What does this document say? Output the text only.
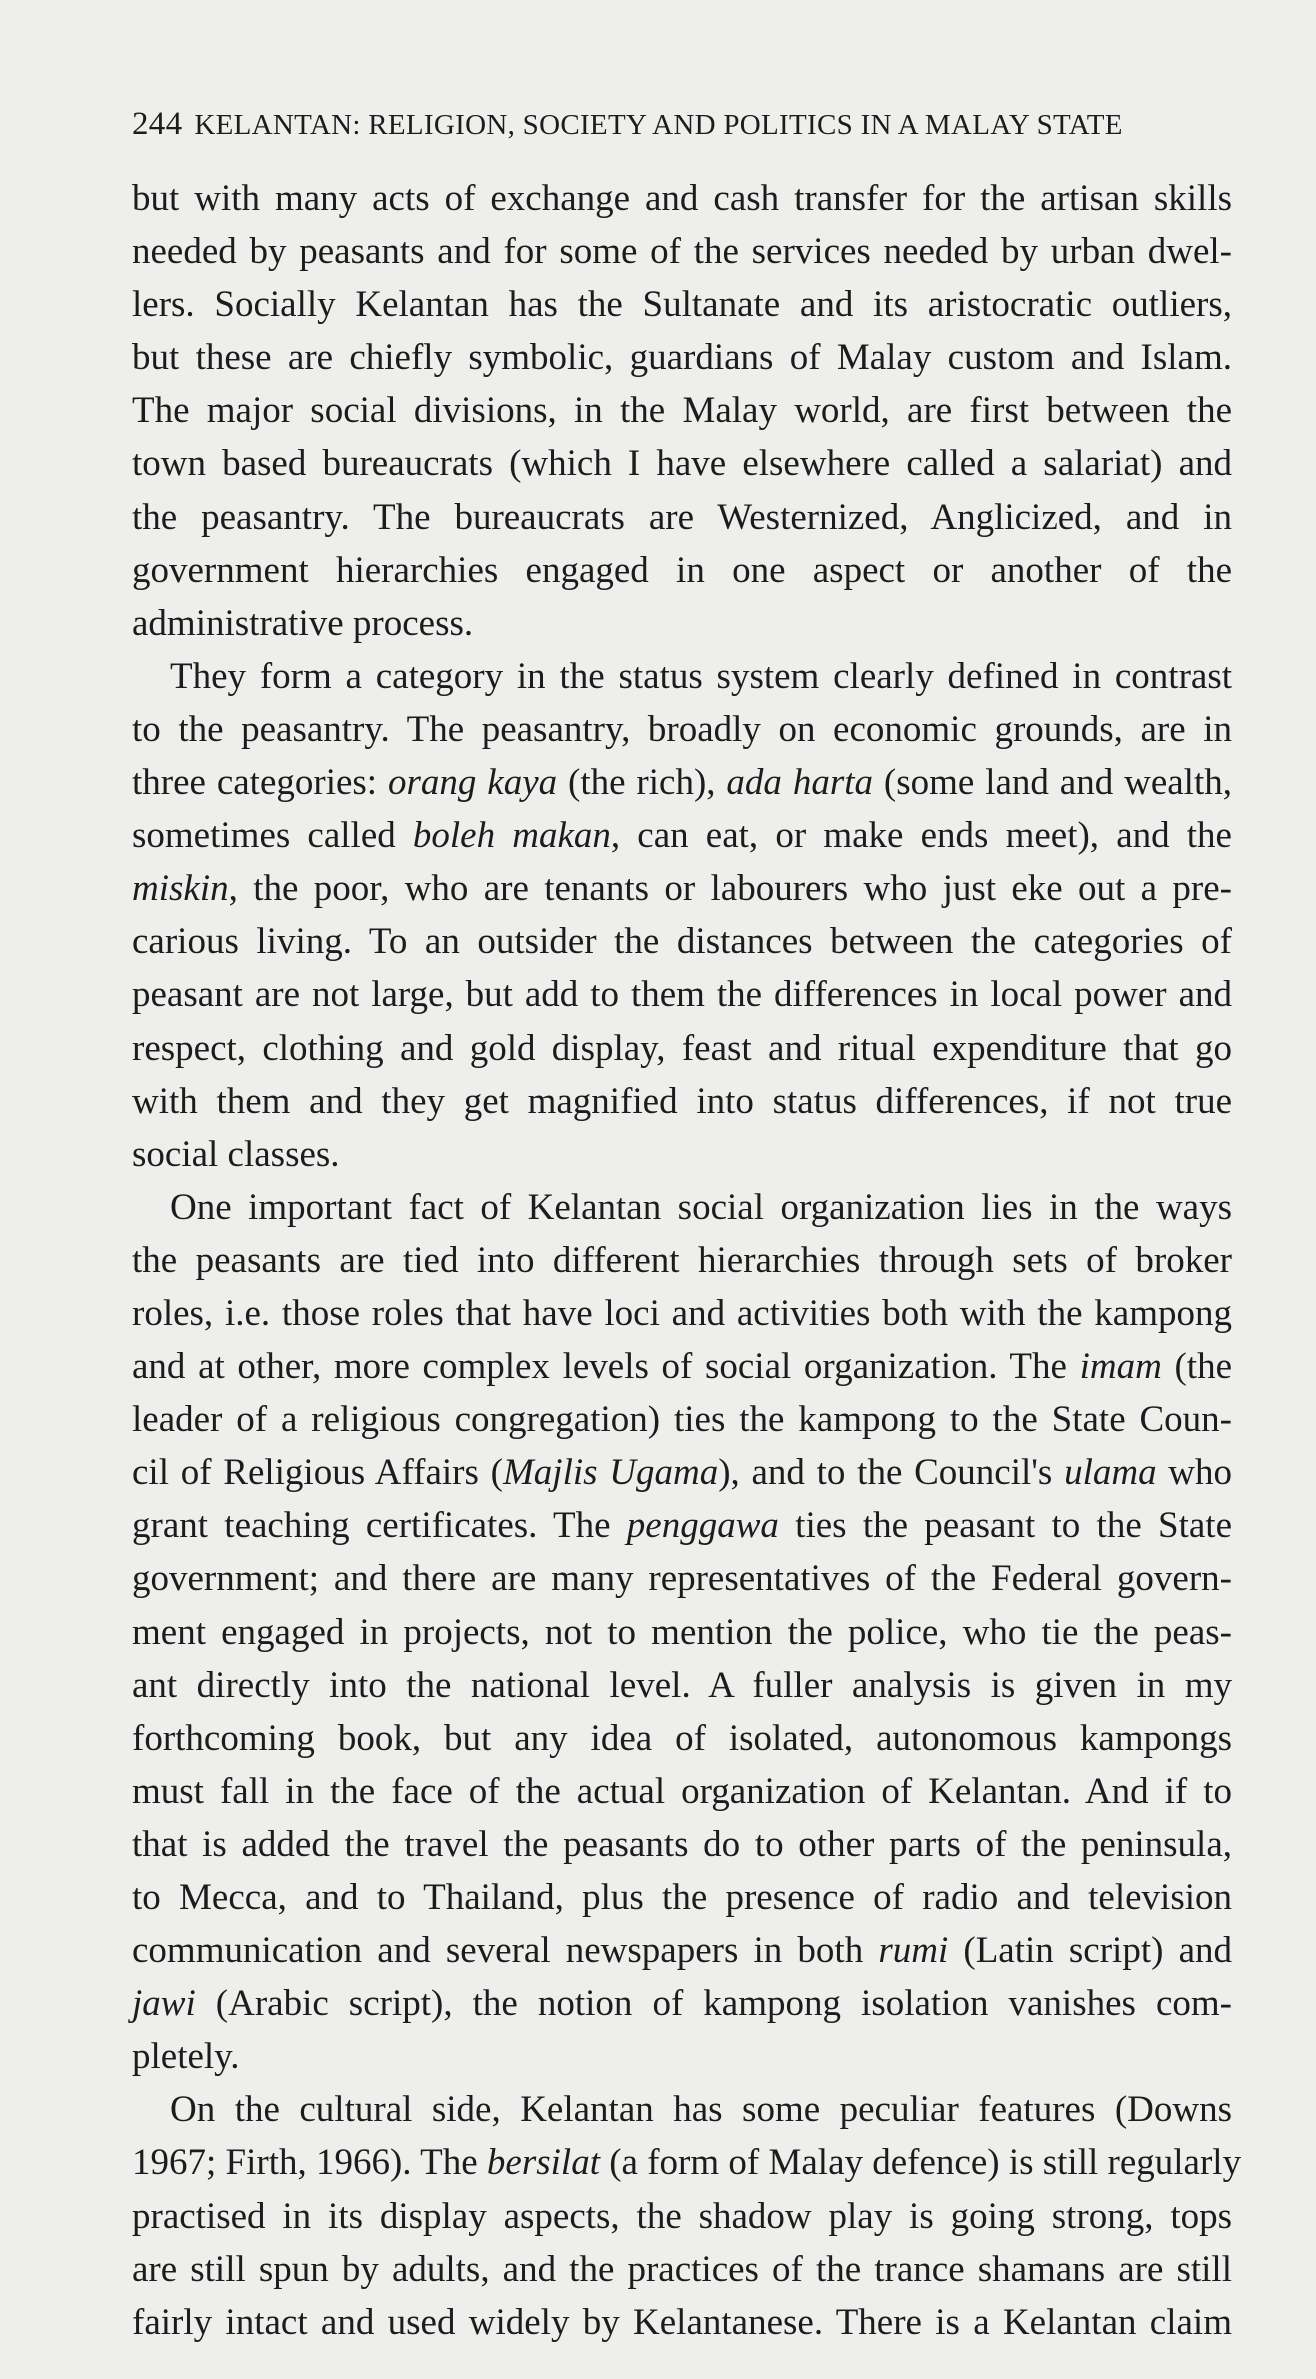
244 KELANTAN: RELIGION, SOCIETY AND POLITICS IN A MALAY STATE
but with many acts of exchange and cash transfer for the artisan skills
needed by peasants and for some of the services needed by urban dwel-
lers. Socially Kelantan has the Sultanate and its aristocratic outliers,
but these are chiefly symbolic, guardians of Malay custom and Islam.
The major social divisions, in the Malay world, are first between the
town based bureaucrats (which I have elsewhere called a salariat) and
the peasantry. The bureaucrats are Westernized, Anglicized, and in
government hierarchies engaged in one aspect or another of the
administrative process.
They form a category in the status system clearly defined in contrast
to the peasantry. The peasantry, broadly on economic grounds, are in
three categories: orang kaya (the rich), ada harta (some land and wealth,
sometimes called boleh makan, can eat, or make ends meet), and the
miskin, the poor, who are tenants or labourers who just eke out a pre-
carious living. To an outsider the distances between the categories of
peasant are not large, but add to them the differences in local power and
respect, clothing and gold display, feast and ritual expenditure that go
with them and they get magnified into status differences, if not true
social classes.
One important fact of Kelantan social organization lies in the ways
the peasants are tied into different hierarchies through sets of broker
roles, i.e. those roles that have loci and activities both with the kampong
and at other, more complex levels of social organization. The imam (the
leader of a religious congregation) ties the kampong to the State Coun-
cil of Religious Affairs (Majlis Ugama), and to the Council's ulama who
grant teaching certificates. The penggawa ties the peasant to the State
government; and there are many representatives of the Federal govern-
ment engaged in projects, not to mention the police, who tie the peas-
ant directly into the national level. A fuller analysis is given in my
forthcoming book, but any idea of isolated, autonomous kampongs
must fall in the face of the actual organization of Kelantan. And if to
that is added the travel the peasants do to other parts of the peninsula,
to Mecca, and to Thailand, plus the presence of radio and television
communication and several newspapers in both rumi (Latin script) and
jawi (Arabic script), the notion of kampong isolation vanishes com-
pletely.
On the cultural side, Kelantan has some peculiar features (Downs
1967; Firth, 1966). The bersilat (a form of Malay defence) is still regularly
practised in its display aspects, the shadow play is going strong, tops
are still spun by adults, and the practices of the trance shamans are still
fairly intact and used widely by Kelantanese. There is a Kelantan claim
